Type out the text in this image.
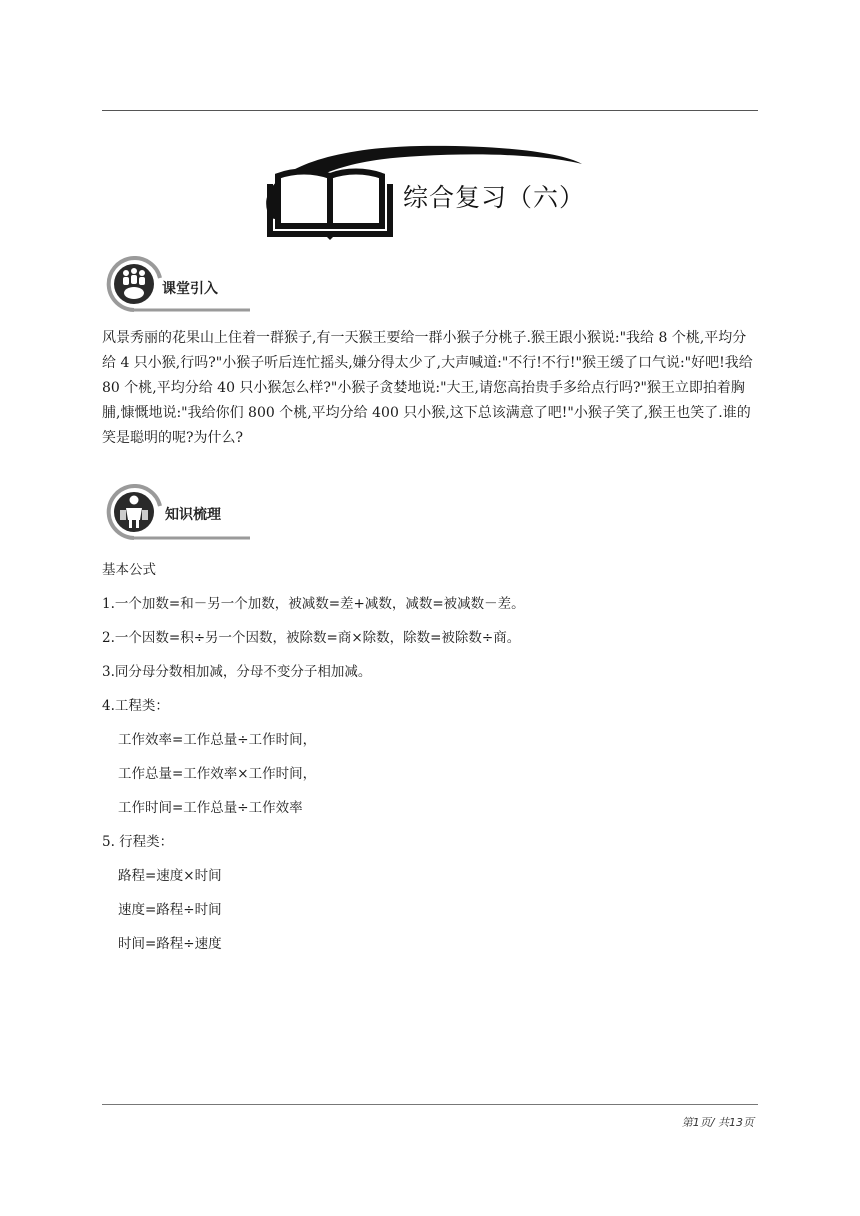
综合复习（六）
课堂引入

风景秀丽的花果山上住着一群猴子,有一天猴王要给一群小猴子分桃子.猴王跟小猴说:"我给 8 个桃,平均分给 4 只小猴,行吗?"小猴子听后连忙摇头,嫌分得太少了,大声喊道:"不行!不行!"猴王缓了口气说:"好吧!我给 80 个桃,平均分给 40 只小猴怎么样?"小猴子贪婪地说:"大王,请您高抬贵手多给点行吗?"猴王立即拍着胸脯,慷慨地说:"我给你们 800 个桃,平均分给 400 只小猴,这下总该满意了吧!"小猴子笑了,猴王也笑了.谁的笑是聪明的呢?为什么?

知识梳理
基本公式
1.一个加数=和－另一个加数，被减数=差+减数，减数=被减数－差。
2.一个因数=积÷另一个因数，被除数=商×除数，除数=被除数÷商。
3.同分母分数相加减，分母不变分子相加减。
4.工程类：
工作效率=工作总量÷工作时间，
工作总量=工作效率×工作时间，
工作时间=工作总量÷工作效率
5. 行程类：
路程=速度×时间
速度=路程÷时间
时间=路程÷速度
第1页/ 共13页
